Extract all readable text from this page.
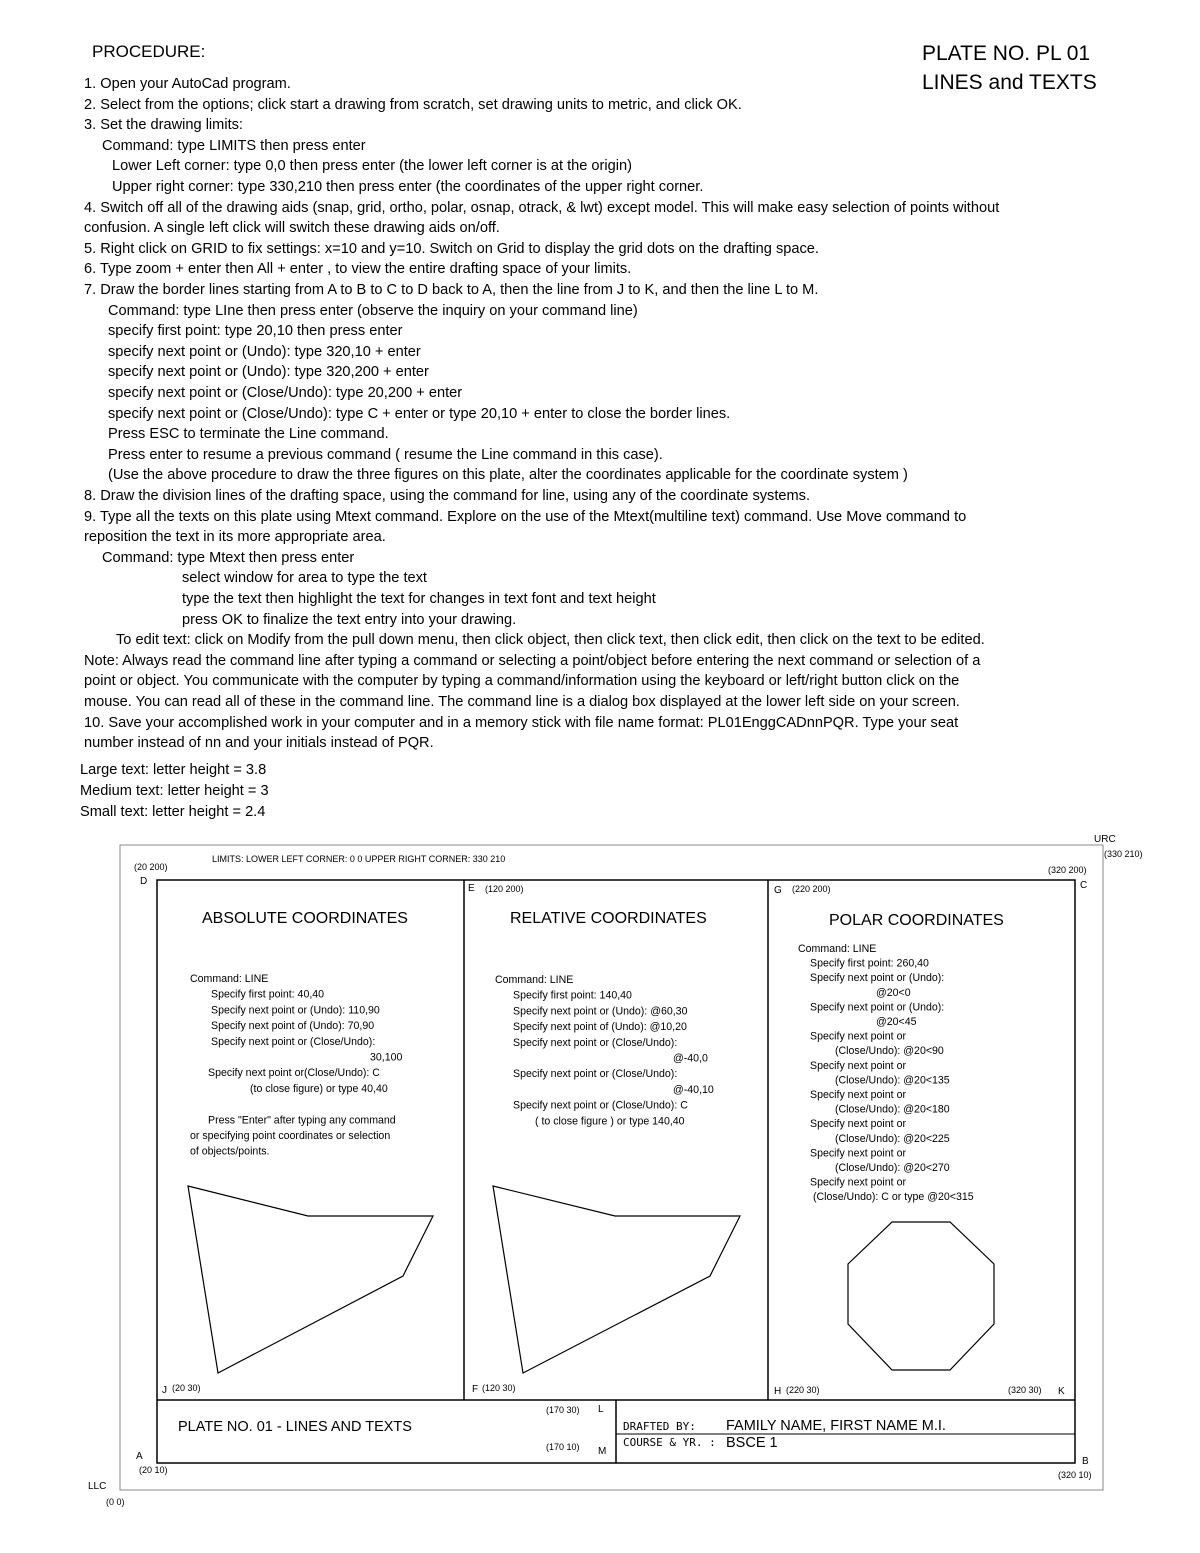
PROCEDURE:	PLATE NO. PL 01
LINES and TEXTS
1. Open your AutoCad program.
2. Select from the options; click start a drawing from scratch, set drawing units to metric, and click OK.
3. Set the drawing limits:
Command: type LIMITS then press enter
Lower Left corner: type 0,0 then press enter (the lower left corner is at the origin)
Upper right corner: type 330,210 then press enter (the coordinates of the upper right corner.
4. Switch off all of the drawing aids (snap, grid, ortho, polar, osnap, otrack, & lwt) except model. This will make easy selection of points without
confusion. A single left click will switch these drawing aids on/off.
5. Right click on GRID to fix settings: x=10 and y=10. Switch on Grid to display the grid dots on the drafting space.
6. Type zoom + enter then All + enter , to view the entire drafting space of your limits.
7. Draw the border lines starting from A to B to C to D back to A, then the line from J to K, and then the line L to M.
Command: type LIne then press enter (observe the inquiry on your command line)
specify first point: type 20,10 then press enter
specify next point or (Undo): type 320,10 + enter
specify next point or (Undo): type 320,200 + enter
specify next point or (Close/Undo): type 20,200 + enter
specify next point or (Close/Undo): type C + enter or type 20,10 + enter to close the border lines.
Press ESC to terminate the Line command.
Press enter to resume a previous command ( resume the Line command in this case).
(Use the above procedure to draw the three figures on this plate, alter the coordinates applicable for the coordinate system )
8. Draw the division lines of the drafting space, using the command for line, using any of the coordinate systems.
9. Type all the texts on this plate using Mtext command. Explore on the use of the Mtext(multiline text) command. Use Move command to
reposition the text in its more appropriate area.
Command: type Mtext then press enter
select window for area to type the text
type the text then highlight the text for changes in text font and text height
press OK to finalize the text entry into your drawing.
To edit text: click on Modify from the pull down menu, then click object, then click text, then click edit, then click on the text to be edited.
Note: Always read the command line after typing a command or selecting a point/object before entering the next command or selection of a
point or object. You communicate with the computer by typing a command/information using the keyboard or left/right button click on the
mouse. You can read all of these in the command line. The command line is a dialog box displayed at the lower left side on your screen.
10. Save your accomplished work in your computer and in a memory stick with file name format: PL01EnggCADnnPQR. Type your seat
number instead of nn and your initials instead of PQR.
Large text: letter height = 3.8
Medium text: letter height = 3
Small text: letter height = 2.4
LIMITS: LOWER LEFT CORNER: 0 0 UPPER RIGHT CORNER: 330 210
URC
(330 210)
LLC
(0 0)
(20 200)
D
(320 200)
C
E (120 200)	G (220 200)
J (20 30)	F (120 30)	H (220 30)	(320 30) K
(170 30) L
(170 10) M
A
(20 10)
B
(320 10)
ABSOLUTE COORDINATES	RELATIVE COORDINATES	POLAR COORDINATES
Command: LINE
Specify first point: 40,40
Specify next point or (Undo): 110,90
Specify next point of (Undo): 70,90
Specify next point or (Close/Undo):
30,100
Specify next point or(Close/Undo): C
(to close figure) or type 40,40
Press "Enter" after typing any command
or specifying point coordinates or selection
of objects/points.
Command: LINE
Specify first point: 140,40
Specify next point or (Undo): @60,30
Specify next point of (Undo): @10,20
Specify next point or (Close/Undo):
@-40,0
Specify next point or (Close/Undo):
@-40,10
Specify next point or (Close/Undo): C
( to close figure ) or type 140,40
Command: LINE
Specify first point: 260,40
Specify next point or (Undo):
@20<0
Specify next point or (Undo):
@20<45
Specify next point or
(Close/Undo): @20<90
Specify next point or
(Close/Undo): @20<135
Specify next point or
(Close/Undo): @20<180
Specify next point or
(Close/Undo): @20<225
Specify next point or
(Close/Undo): @20<270
Specify next point or
(Close/Undo): C or type @20<315
PLATE NO. 01 - LINES AND TEXTS	DRAFTED BY: FAMILY NAME, FIRST NAME M.I.
COURSE & YR. : BSCE 1
